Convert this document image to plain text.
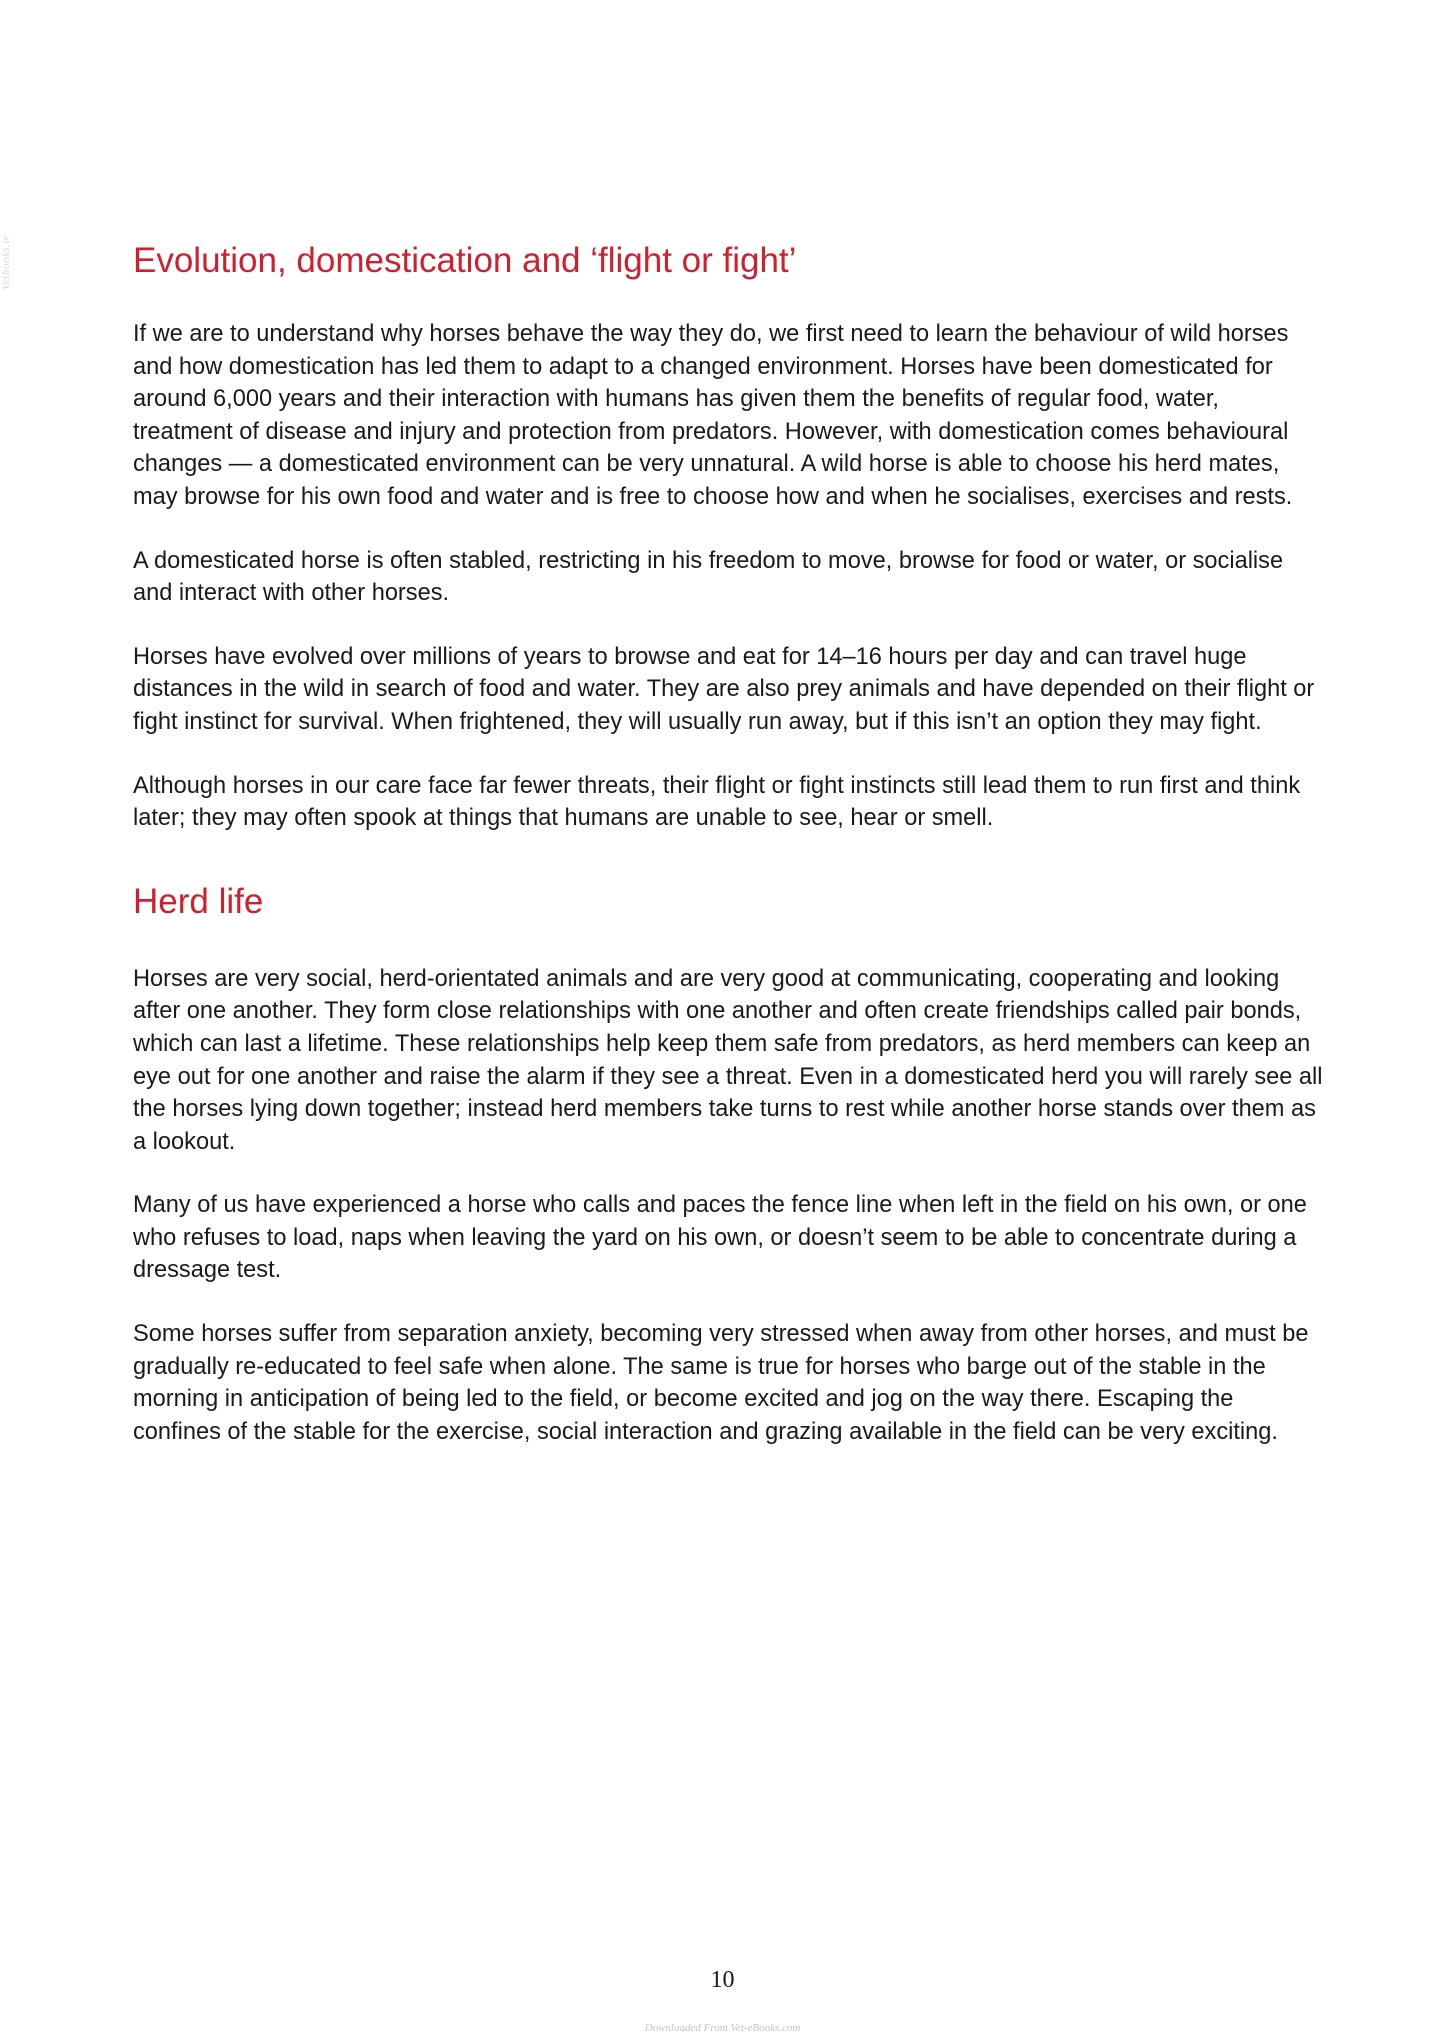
Vetbooks.ir	Evolution, domestication and ‘flight or fight’

If we are to understand why horses behave the way they do, we first need to learn the behaviour of wild horses and how domestication has led them to adapt to a changed environment. Horses have been domesticated for around 6,000 years and their interaction with humans has given them the benefits of regular food, water, treatment of disease and injury and protection from predators. However, with domestication comes behavioural changes — a domesticated environment can be very unnatural. A wild horse is able to choose his herd mates, may browse for his own food and water and is free to choose how and when he socialises, exercises and rests.

A domesticated horse is often stabled, restricting in his freedom to move, browse for food or water, or socialise and interact with other horses.

Horses have evolved over millions of years to browse and eat for 14–16 hours per day and can travel huge distances in the wild in search of food and water. They are also prey animals and have depended on their flight or fight instinct for survival. When frightened, they will usually run away, but if this isn’t an option they may fight.

Although horses in our care face far fewer threats, their flight or fight instincts still lead them to run first and think later; they may often spook at things that humans are unable to see, hear or smell.

Herd life

Horses are very social, herd-orientated animals and are very good at communicating, cooperating and looking after one another. They form close relationships with one another and often create friendships called pair bonds, which can last a lifetime. These relationships help keep them safe from predators, as herd members can keep an eye out for one another and raise the alarm if they see a threat. Even in a domesticated herd you will rarely see all the horses lying down together; instead herd members take turns to rest while another horse stands over them as a lookout.

Many of us have experienced a horse who calls and paces the fence line when left in the field on his own, or one who refuses to load, naps when leaving the yard on his own, or doesn’t seem to be able to concentrate during a dressage test.

Some horses suffer from separation anxiety, becoming very stressed when away from other horses, and must be gradually re-educated to feel safe when alone. The same is true for horses who barge out of the stable in the morning in anticipation of being led to the field, or become excited and jog on the way there. Escaping the confines of the stable for the exercise, social interaction and grazing available in the field can be very exciting.

10
Downloaded From Vet-eBooks.com
